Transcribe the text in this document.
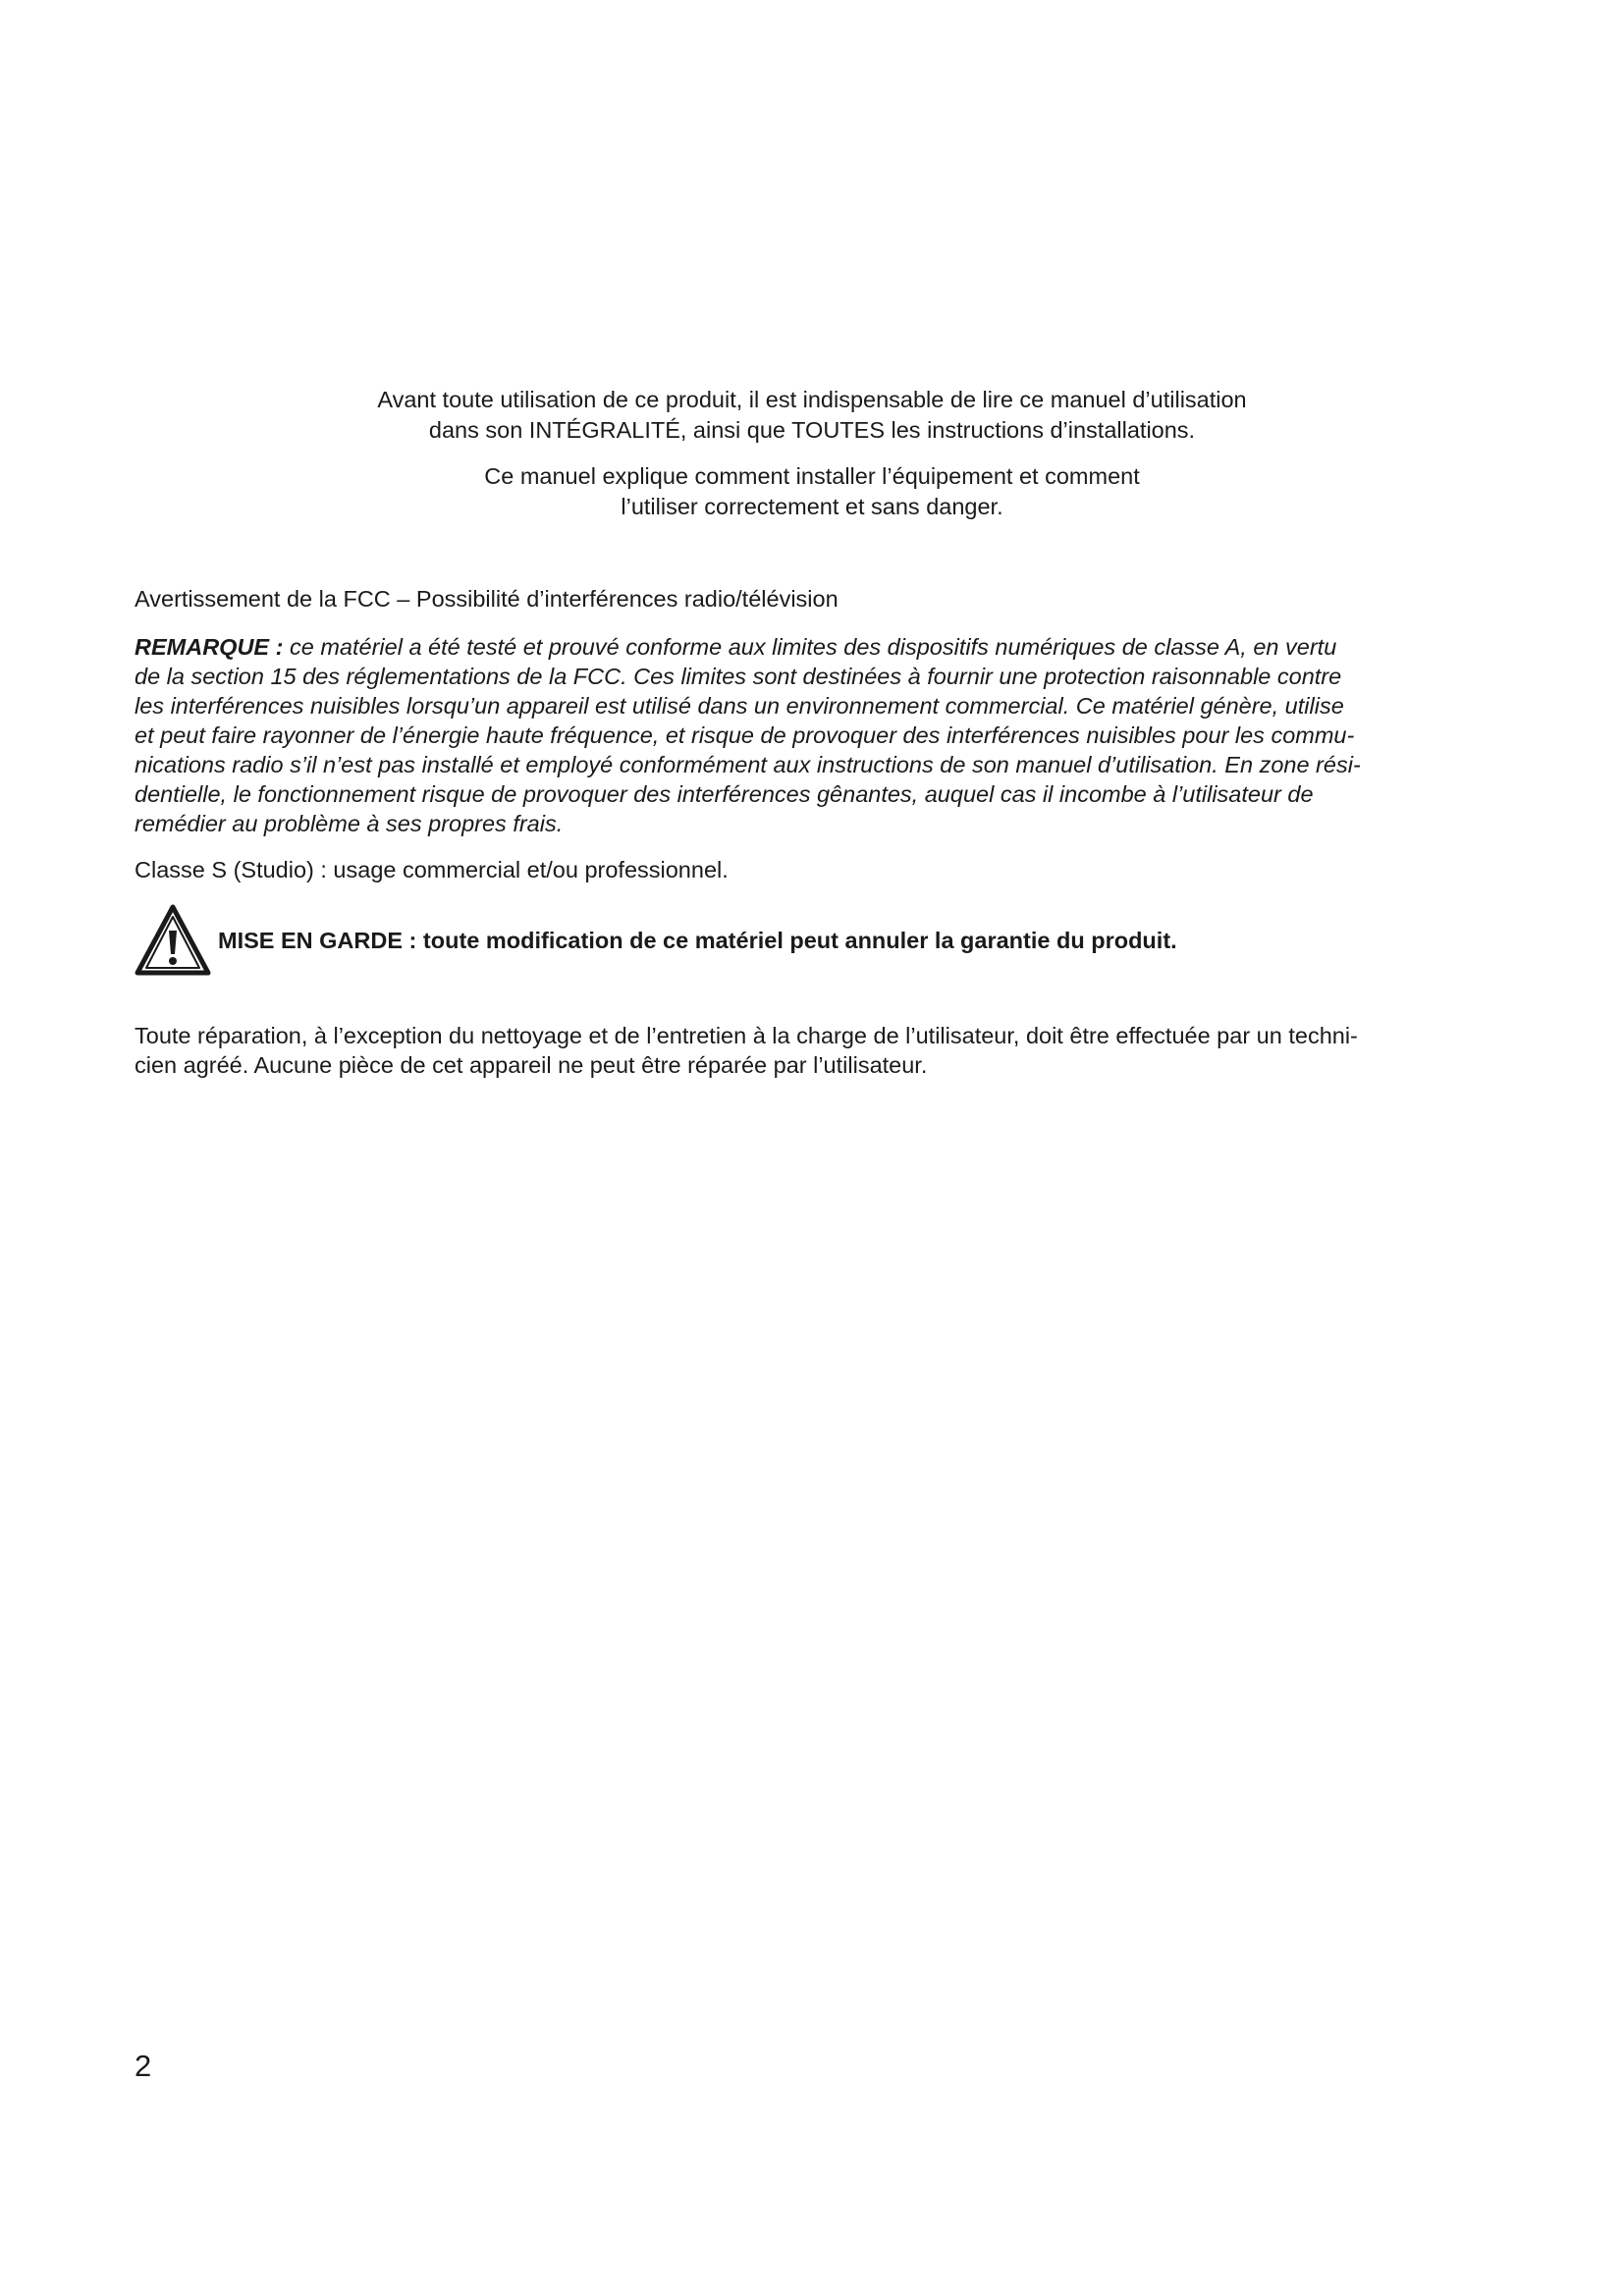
Avant toute utilisation de ce produit, il est indispensable de lire ce manuel d’utilisation

dans son INTÉGRALITÉ, ainsi que TOUTES les instructions d’installations.

Ce manuel explique comment installer l’équipement et comment

l’utiliser correctement et sans danger.

Avertissement de la FCC – Possibilité d’interférences radio/télévision
REMARQUE : ce matériel a été testé et prouvé conforme aux limites des dispositifs numériques de classe A, en vertu
de la section 15 des réglementations de la FCC. Ces limites sont destinées à fournir une protection raisonnable contre
les interférences nuisibles lorsqu’un appareil est utilisé dans un environnement commercial. Ce matériel génère, utilise
et peut faire rayonner de l’énergie haute fréquence, et risque de provoquer des interférences nuisibles pour les commu-
nications radio s’il n’est pas installé et employé conformément aux instructions de son manuel d’utilisation. En zone rési-
dentielle, le fonctionnement risque de provoquer des interférences gênantes, auquel cas il incombe à l’utilisateur de
remédier au problème à ses propres frais.
Classe S (Studio) : usage commercial et/ou professionnel.
MISE EN GARDE : toute modification de ce matériel peut annuler la garantie du produit.
Toute réparation, à l’exception du nettoyage et de l’entretien à la charge de l’utilisateur, doit être effectuée par un techni-
cien agréé. Aucune pièce de cet appareil ne peut être réparée par l’utilisateur.
2
